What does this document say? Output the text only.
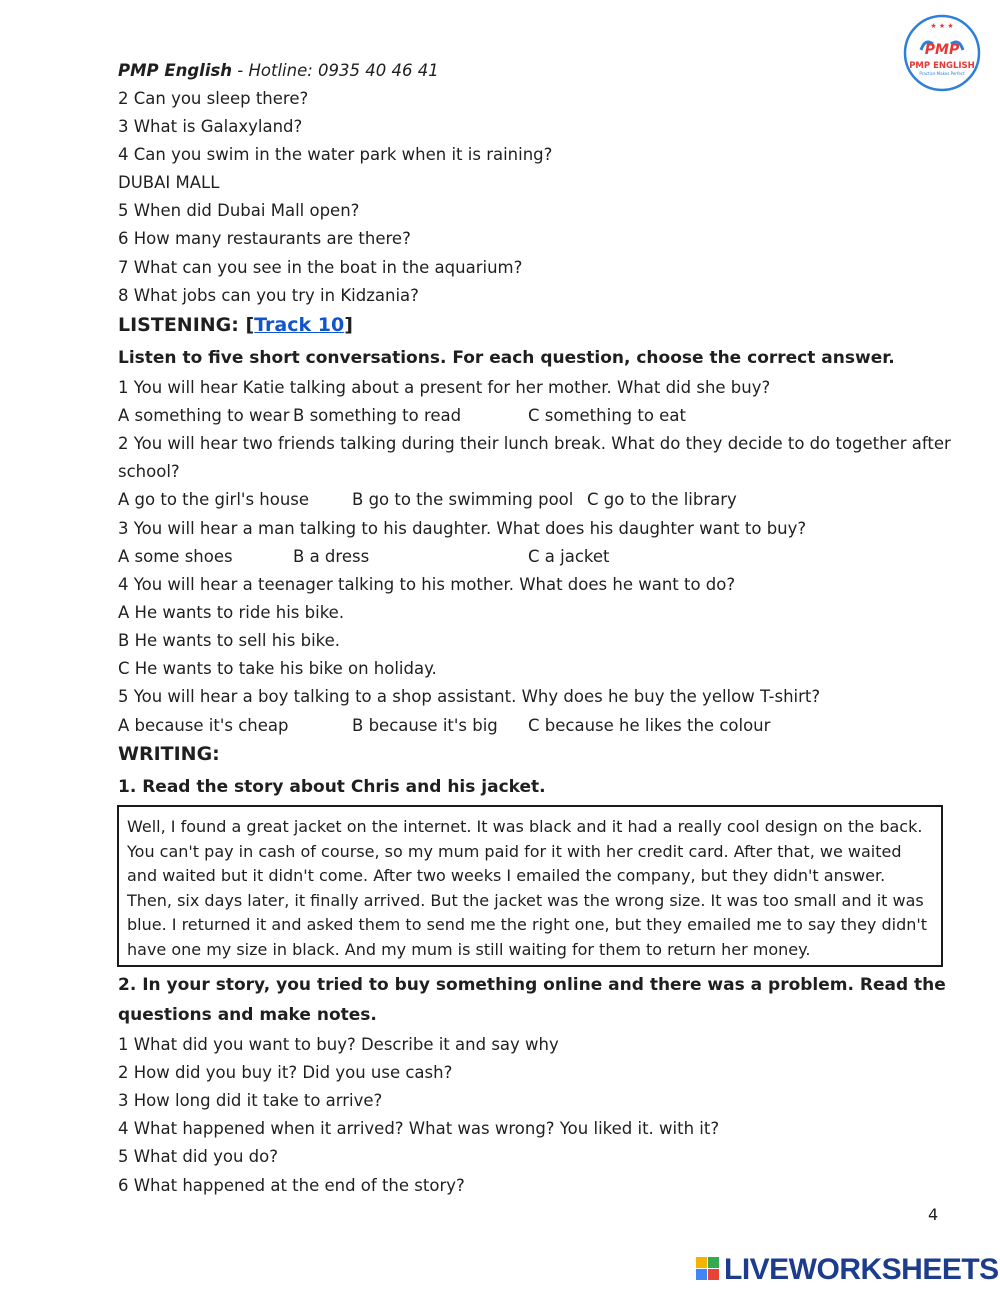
★ ★ ★
PMP
PMP ENGLISH
Practice Makes Perfect
PMP English - Hotline: 0935 40 46 41
2 Can you sleep there?
3 What is Galaxyland?
4 Can you swim in the water park when it is raining?
DUBAI MALL
5 When did Dubai Mall open?
6 How many restaurants are there?
7 What can you see in the boat in the aquarium?
8 What jobs can you try in Kidzania?
LISTENING: [Track 10]
Listen to five short conversations. For each question, choose the correct answer.
1 You will hear Katie talking about a present for her mother. What did she buy?
A something to wear B something to read	C something to eat
2 You will hear two friends talking during their lunch break. What do they decide to do together after
school?
A go to the girl's house	B go to the swimming pool C go to the library
3 You will hear a man talking to his daughter. What does his daughter want to buy?
A some shoes	B a dress	C a jacket
4 You will hear a teenager talking to his mother. What does he want to do?
A He wants to ride his bike.
B He wants to sell his bike.
C He wants to take his bike on holiday.
5 You will hear a boy talking to a shop assistant. Why does he buy the yellow T-shirt?
A because it's cheap	B because it's big C because he likes the colour
WRITING:
1. Read the story about Chris and his jacket.
Well, I found a great jacket on the internet. It was black and it had a really cool design on the back. You can't pay in cash of course, so my mum paid for it with her credit card. After that, we waited and waited but it didn't come. After two weeks I emailed the company, but they didn't answer. Then, six days later, it finally arrived. But the jacket was the wrong size. It was too small and it was blue. I returned it and asked them to send me the right one, but they emailed me to say they didn't have one my size in black. And my mum is still waiting for them to return her money.
2. In your story, you tried to buy something online and there was a problem. Read the
questions and make notes.
1 What did you want to buy? Describe it and say why
2 How did you buy it? Did you use cash?
3 How long did it take to arrive?
4 What happened when it arrived? What was wrong? You liked it. with it?
5 What did you do?
6 What happened at the end of the story?
4
LIVEWORKSHEETS
